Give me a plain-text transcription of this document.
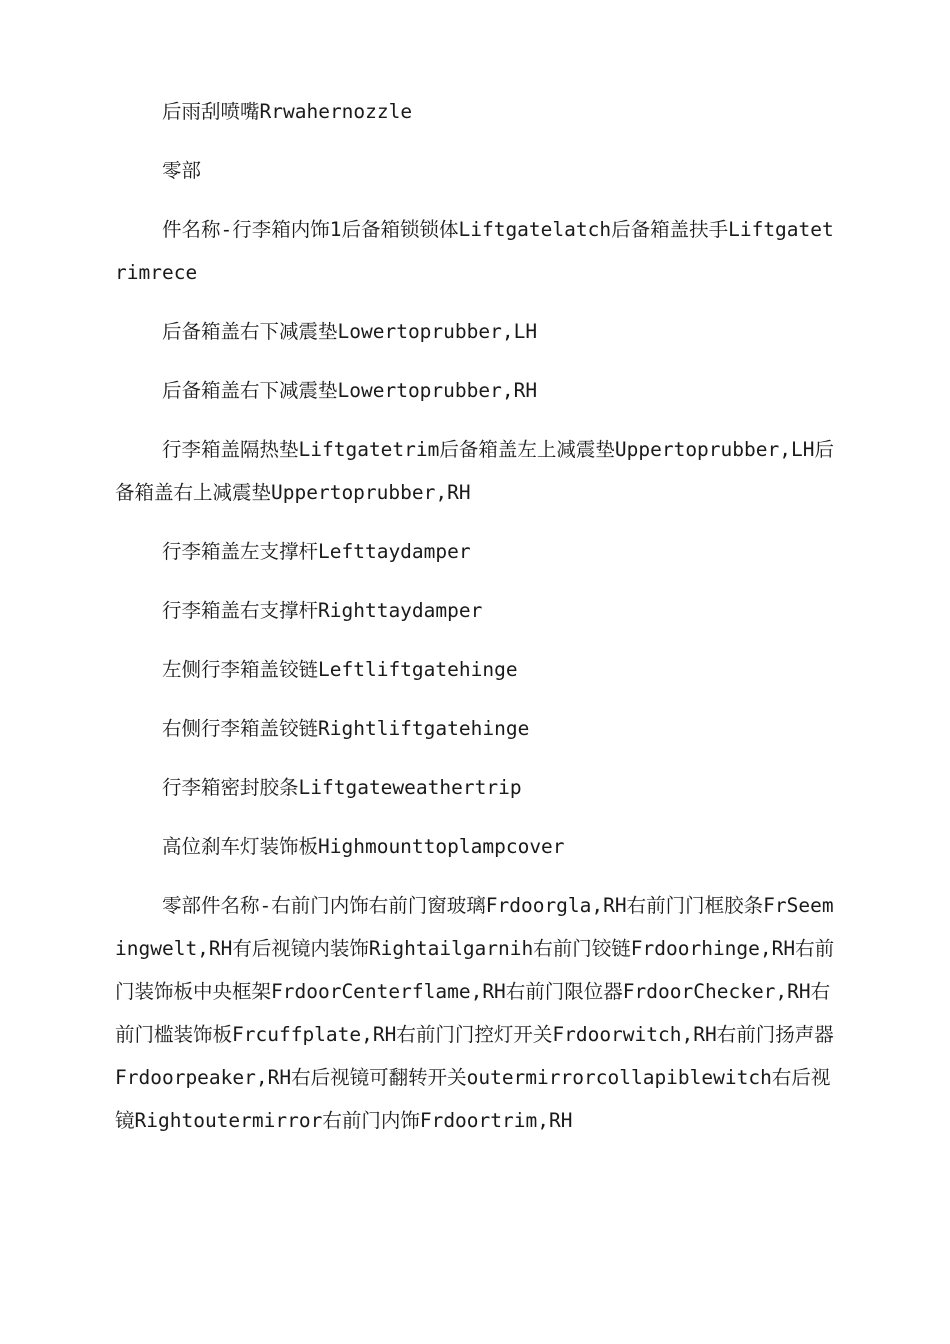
后雨刮喷嘴Rrwahernozzle

零部

件名称-行李箱内饰1后备箱锁锁体Liftgatelatch后备箱盖扶手Liftgatetrimrece

后备箱盖右下减震垫Lowertoprubber,LH

后备箱盖右下减震垫Lowertoprubber,RH

行李箱盖隔热垫Liftgatetrim后备箱盖左上减震垫Uppertoprubber,LH后备箱盖右上减震垫Uppertoprubber,RH

行李箱盖左支撑杆Lefttaydamper

行李箱盖右支撑杆Righttaydamper

左侧行李箱盖铰链Leftliftgatehinge

右侧行李箱盖铰链Rightliftgatehinge

行李箱密封胶条Liftgateweathertrip

高位刹车灯装饰板Highmounttoplampcover

零部件名称-右前门内饰右前门窗玻璃Frdoorgla,RH右前门门框胶条FrSeemingwelt,RH有后视镜内装饰Rightailgarnih右前门铰链Frdoorhinge,RH右前门装饰板中央框架FrdoorCenterflame,RH右前门限位器FrdoorChecker,RH右前门槛装饰板Frcuffplate,RH右前门门控灯开关Frdoorwitch,RH右前门扬声器Frdoorpeaker,RH右后视镜可翻转开关outermirrorcollapiblewitch右后视镜Rightoutermirror右前门内饰Frdoortrim,RH
